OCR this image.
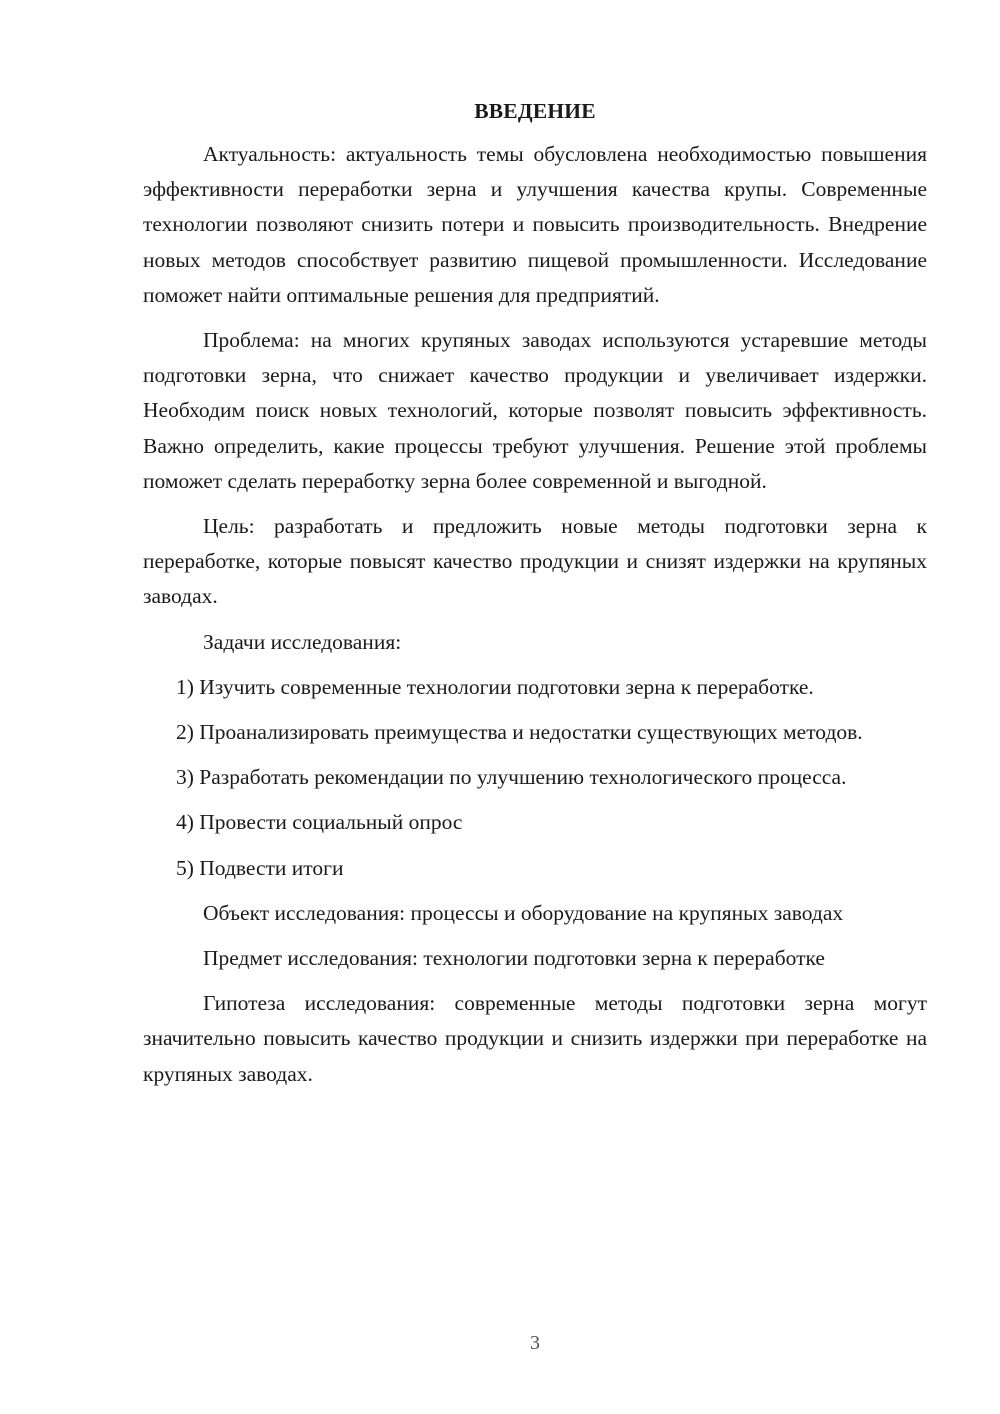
ВВЕДЕНИЕ

Актуальность: актуальность темы обусловлена необходимостью повышения эффективности переработки зерна и улучшения качества крупы. Современные технологии позволяют снизить потери и повысить производительность. Внедрение новых методов способствует развитию пищевой промышленности. Исследование поможет найти оптимальные решения для предприятий.

Проблема: на многих крупяных заводах используются устаревшие методы подготовки зерна, что снижает качество продукции и увеличивает издержки. Необходим поиск новых технологий, которые позволят повысить эффективность. Важно определить, какие процессы требуют улучшения. Решение этой проблемы поможет сделать переработку зерна более современной и выгодной.

Цель: разработать и предложить новые методы подготовки зерна к переработке, которые повысят качество продукции и снизят издержки на крупяных заводах.

Задачи исследования:

1) Изучить современные технологии подготовки зерна к переработке.

2) Проанализировать преимущества и недостатки существующих методов.

3) Разработать рекомендации по улучшению технологического процесса.

4) Провести социальный опрос

5) Подвести итоги

Объект исследования: процессы и оборудование на крупяных заводах

Предмет исследования: технологии подготовки зерна к переработке

Гипотеза исследования: современные методы подготовки зерна могут значительно повысить качество продукции и снизить издержки при переработке на крупяных заводах.

3
